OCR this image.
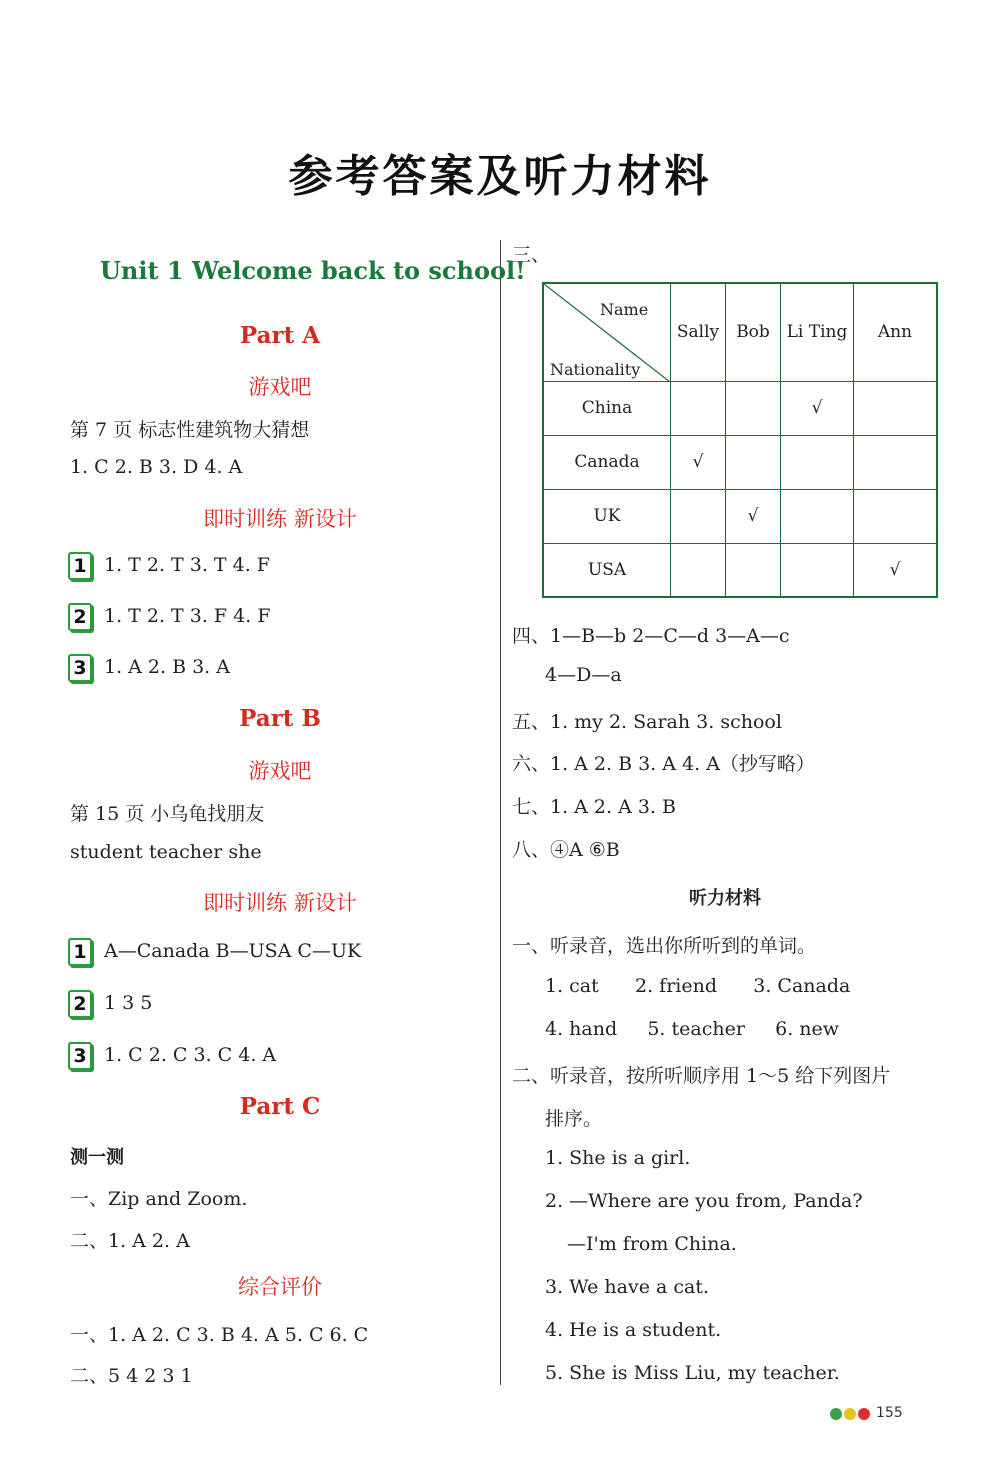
参考答案及听力材料
Unit 1 Welcome back to school!
Part A
游戏吧
第 7 页 标志性建筑物大猜想
1. C 2. B 3. D 4. A
即时训练 新设计
1 1. T 2. T 3. T 4. F
2 1. T 2. T 3. F 4. F
3 1. A 2. B 3. A
Part B
游戏吧
第 15 页 小乌龟找朋友
student teacher she
即时训练 新设计
1 A—Canada B—USA C—UK
2 1 3 5
3 1. C 2. C 3. C 4. A
Part C
测一测
一、Zip and Zoom.
二、1. A 2. A
综合评价
一、1. A 2. C 3. B 4. A 5. C 6. C
二、5 4 2 3 1
三、
Name
Nationality	Sally	Bob	Li Ting	Ann
China			√	
Canada	√			
UK		√		
USA				√
四、1—B—b 2—C—d 3—A—c
4—D—a
五、1. my 2. Sarah 3. school
六、1. A 2. B 3. A 4. A（抄写略）
七、1. A 2. A 3. B
八、④A ⑥B
听力材料
一、听录音，选出你所听到的单词。
1. cat      2. friend      3. Canada
4. hand     5. teacher     6. new
二、听录音，按所听顺序用 1～5 给下列图片
排序。
1. She is a girl.
2. —Where are you from, Panda?
—I'm from China.
3. We have a cat.
4. He is a student.
5. She is Miss Liu, my teacher.
155
